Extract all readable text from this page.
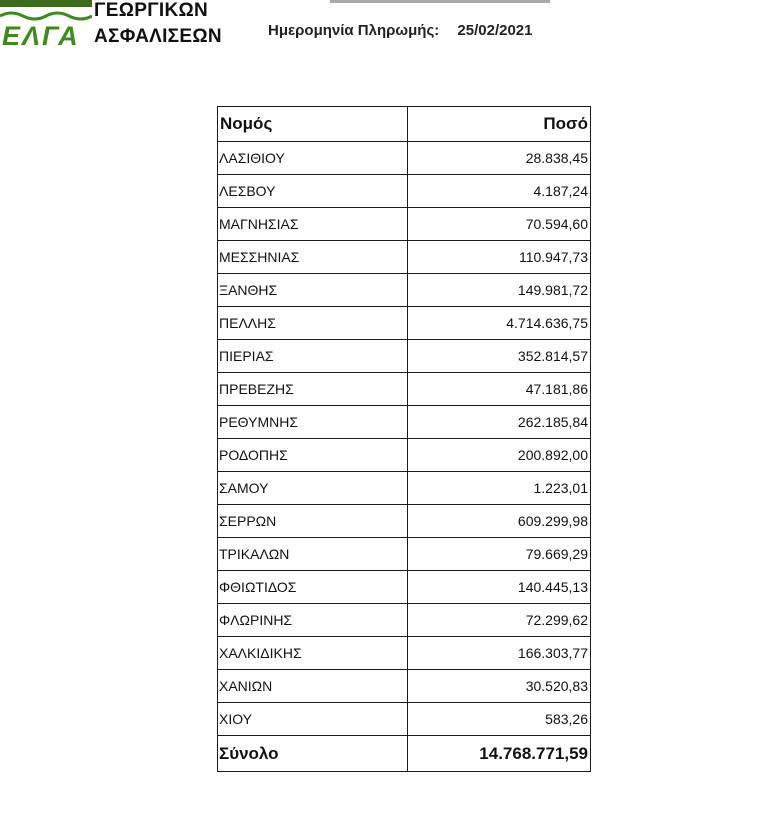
ΕΛΓΑ
ΓΕΩΡΓΙΚΩΝ
ΑΣΦΑΛΙΣΕΩΝ	Ημερομηνία Πληρωμής: 25/02/2021
Νομός	Ποσό
ΛΑΣΙΘΙΟΥ	28.838,45
ΛΕΣΒΟΥ	4.187,24
ΜΑΓΝΗΣΙΑΣ	70.594,60
ΜΕΣΣΗΝΙΑΣ	110.947,73
ΞΑΝΘΗΣ	149.981,72
ΠΕΛΛΗΣ	4.714.636,75
ΠΙΕΡΙΑΣ	352.814,57
ΠΡΕΒΕΖΗΣ	47.181,86
ΡΕΘΥΜΝΗΣ	262.185,84
ΡΟΔΟΠΗΣ	200.892,00
ΣΑΜΟΥ	1.223,01
ΣΕΡΡΩΝ	609.299,98
ΤΡΙΚΑΛΩΝ	79.669,29
ΦΘΙΩΤΙΔΟΣ	140.445,13
ΦΛΩΡΙΝΗΣ	72.299,62
ΧΑΛΚΙΔΙΚΗΣ	166.303,77
ΧΑΝΙΩΝ	30.520,83
ΧΙΟΥ	583,26
Σύνολο	14.768.771,59
